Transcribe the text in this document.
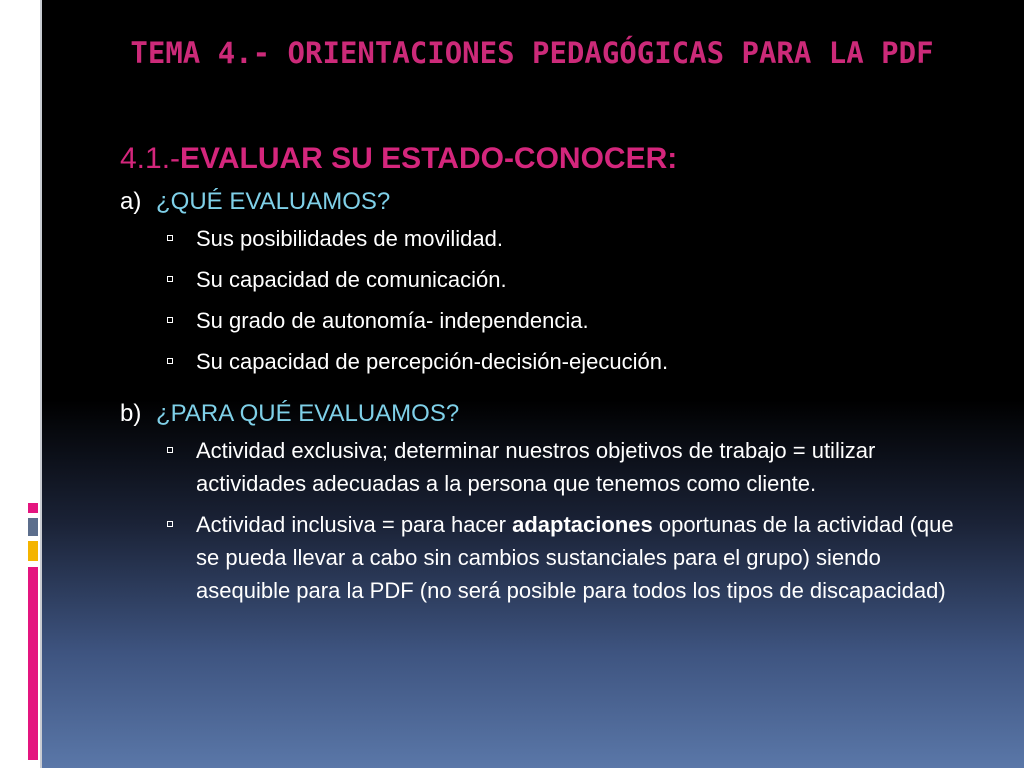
TEMA 4.- ORIENTACIONES PEDAGÓGICAS PARA LA PDF
4.1.-EVALUAR SU ESTADO-CONOCER:
a) ¿QUÉ EVALUAMOS?
Sus posibilidades de movilidad.
Su capacidad de comunicación.
Su grado de autonomía- independencia.
Su capacidad de percepción-decisión-ejecución.
b) ¿PARA QUÉ EVALUAMOS?
Actividad exclusiva; determinar nuestros objetivos de trabajo = utilizar actividades adecuadas a la persona que tenemos como cliente.
Actividad inclusiva = para hacer adaptaciones oportunas de la actividad (que se pueda llevar a cabo sin cambios sustanciales para el grupo) siendo asequible para la PDF (no será posible para todos los tipos de discapacidad)
